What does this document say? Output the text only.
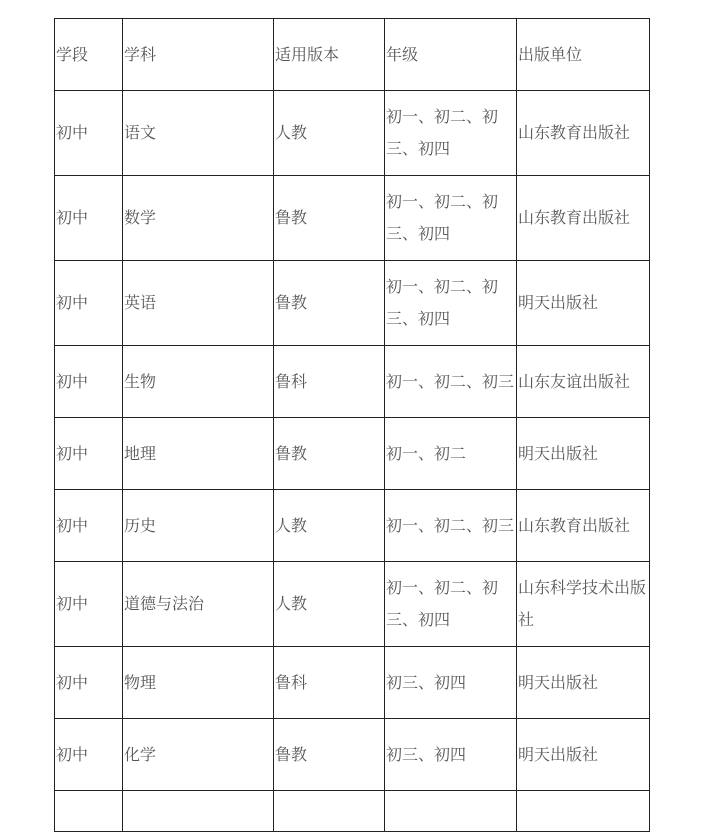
学段	学科	适用版本	年级	出版单位
初中	语文	人教	初一、初二、初三、初四	山东教育出版社
初中	数学	鲁教	初一、初二、初三、初四	山东教育出版社
初中	英语	鲁教	初一、初二、初三、初四	明天出版社
初中	生物	鲁科	初一、初二、初三	山东友谊出版社
初中	地理	鲁教	初一、初二	明天出版社
初中	历史	人教	初一、初二、初三	山东教育出版社
初中	道德与法治	人教	初一、初二、初三、初四	山东科学技术出版社
初中	物理	鲁科	初三、初四	明天出版社
初中	化学	鲁教	初三、初四	明天出版社
